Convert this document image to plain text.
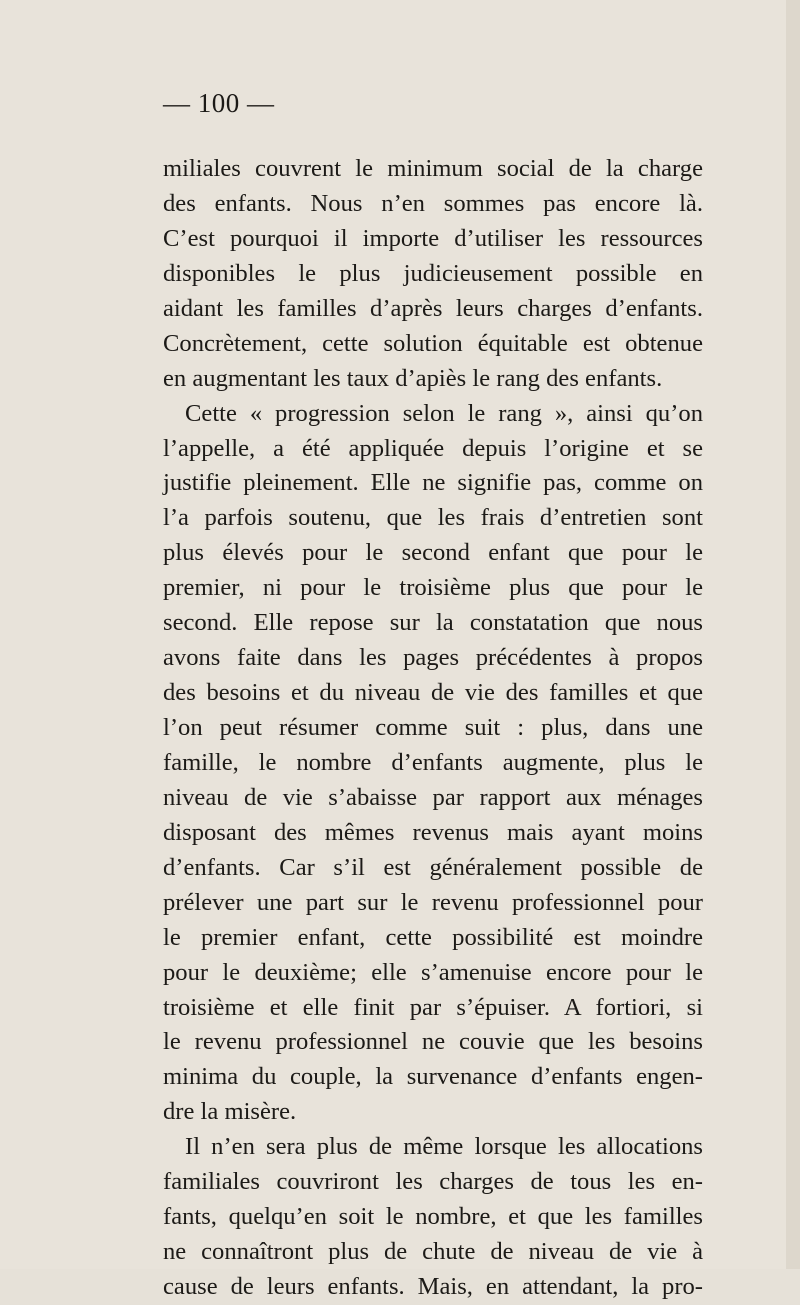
— 100 —
miliales couvrent le minimum social de la charge
des enfants. Nous n’en sommes pas encore là.
C’est pourquoi il importe d’utiliser les ressources
disponibles le plus judicieusement possible en
aidant les familles d’après leurs charges d’enfants.
Concrètement, cette solution équitable est obtenue
en augmentant les taux d’apiès le rang des enfants.
Cette « progression selon le rang », ainsi qu’on
l’appelle, a été appliquée depuis l’origine et se
justifie pleinement. Elle ne signifie pas, comme on
l’a parfois soutenu, que les frais d’entretien sont
plus élevés pour le second enfant que pour le
premier, ni pour le troisième plus que pour le
second. Elle repose sur la constatation que nous
avons faite dans les pages précédentes à propos
des besoins et du niveau de vie des familles et que
l’on peut résumer comme suit : plus, dans une
famille, le nombre d’enfants augmente, plus le
niveau de vie s’abaisse par rapport aux ménages
disposant des mêmes revenus mais ayant moins
d’enfants. Car s’il est généralement possible de
prélever une part sur le revenu professionnel pour
le premier enfant, cette possibilité est moindre
pour le deuxième; elle s’amenuise encore pour le
troisième et elle finit par s’épuiser. A fortiori, si
le revenu professionnel ne couvie que les besoins
minima du couple, la survenance d’enfants engen-
dre la misère.
Il n’en sera plus de même lorsque les allocations
familiales couvriront les charges de tous les en-
fants, quelqu’en soit le nombre, et que les familles
ne connaîtront plus de chute de niveau de vie à
cause de leurs enfants. Mais, en attendant, la pro-
